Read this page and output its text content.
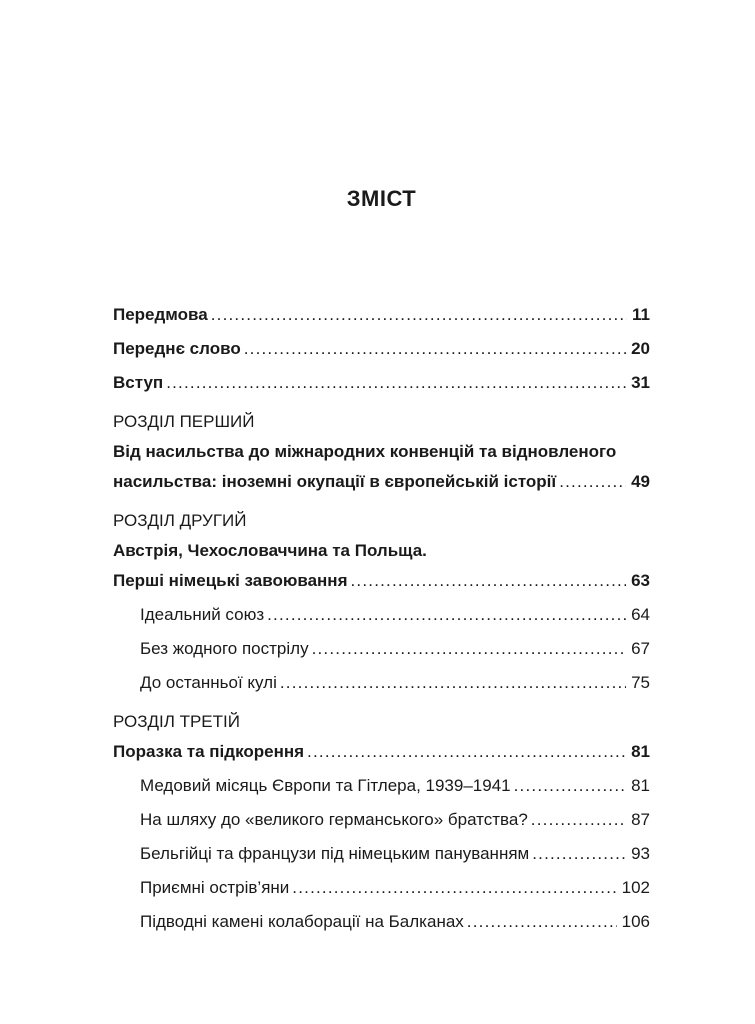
ЗМІСТ
Передмова .....	11
Переднє слово .....	20
Вступ .....	31
РОЗДІЛ ПЕРШИЙ
Від насильства до міжнародних конвенцій та відновленого
насильства: іноземні окупації в європейській історії .....	49
РОЗДІЛ ДРУГИЙ
Австрія, Чехословаччина та Польща.
Перші німецькі завоювання .....	63
Ідеальний союз .....	64
Без жодного пострілу .....	67
До останньої кулі .....	75
РОЗДІЛ ТРЕТІЙ
Поразка та підкорення .....	81
Медовий місяць Європи та Гітлера, 1939–1941 .....	81
На шляху до «великого германського» братства? .....	87
Бельгійці та французи під німецьким пануванням .....	93
Приємні острів’яни .....	102
Підводні камені колаборації на Балканах .....	106
